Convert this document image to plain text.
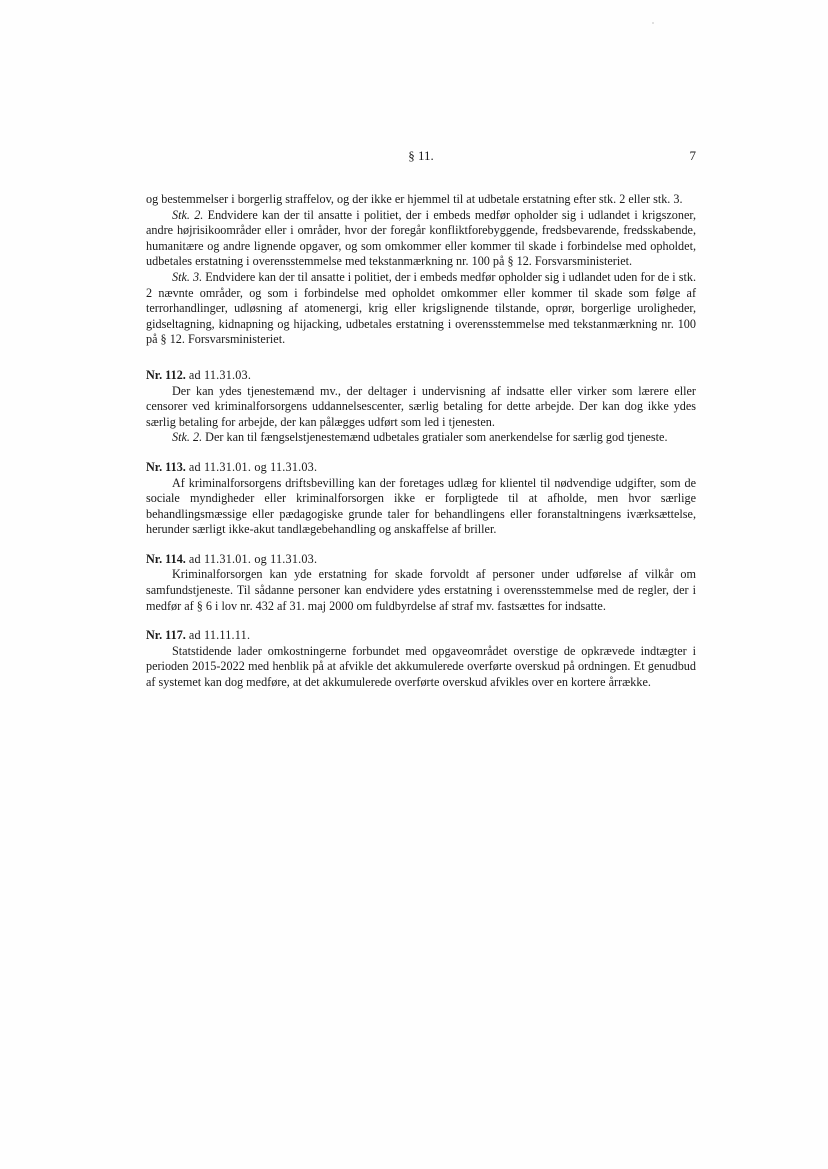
§ 11.	7

og bestemmelser i borgerlig straffelov, og der ikke er hjemmel til at udbetale erstatning efter stk. 2 eller stk. 3.

Stk. 2. Endvidere kan der til ansatte i politiet, der i embeds medfør opholder sig i udlandet i krigszoner, andre højrisikoområder eller i områder, hvor der foregår konfliktforebyggende, fredsbevarende, fredsskabende, humanitære og andre lignende opgaver, og som omkommer eller kommer til skade i forbindelse med opholdet, udbetales erstatning i overensstemmelse med tekstanmærkning nr. 100 på § 12. Forsvarsministeriet.

Stk. 3. Endvidere kan der til ansatte i politiet, der i embeds medfør opholder sig i udlandet uden for de i stk. 2 nævnte områder, og som i forbindelse med opholdet omkommer eller kommer til skade som følge af terrorhandlinger, udløsning af atomenergi, krig eller krigslignende tilstande, oprør, borgerlige uroligheder, gidseltagning, kidnapning og hijacking, udbetales erstatning i overensstemmelse med tekstanmærkning nr. 100 på § 12. Forsvarsministeriet.

Nr. 112. ad 11.31.03.

Der kan ydes tjenestemænd mv., der deltager i undervisning af indsatte eller virker som lærere eller censorer ved kriminalforsorgens uddannelsescenter, særlig betaling for dette arbejde. Der kan dog ikke ydes særlig betaling for arbejde, der kan pålægges udført som led i tjenesten.

Stk. 2. Der kan til fængselstjenestemænd udbetales gratialer som anerkendelse for særlig god tjeneste.

Nr. 113. ad 11.31.01. og 11.31.03.

Af kriminalforsorgens driftsbevilling kan der foretages udlæg for klientel til nødvendige udgifter, som de sociale myndigheder eller kriminalforsorgen ikke er forpligtede til at afholde, men hvor særlige behandlingsmæssige eller pædagogiske grunde taler for behandlingens eller foranstaltningens iværksættelse, herunder særligt ikke-akut tandlægebehandling og anskaffelse af briller.

Nr. 114. ad 11.31.01. og 11.31.03.

Kriminalforsorgen kan yde erstatning for skade forvoldt af personer under udførelse af vilkår om samfundstjeneste. Til sådanne personer kan endvidere ydes erstatning i overensstemmelse med de regler, der i medfør af § 6 i lov nr. 432 af 31. maj 2000 om fuldbyrdelse af straf mv. fastsættes for indsatte.

Nr. 117. ad 11.11.11.

Statstidende lader omkostningerne forbundet med opgaveområdet overstige de opkrævede indtægter i perioden 2015-2022 med henblik på at afvikle det akkumulerede overførte overskud på ordningen. Et genudbud af systemet kan dog medføre, at det akkumulerede overførte overskud afvikles over en kortere årrække.
